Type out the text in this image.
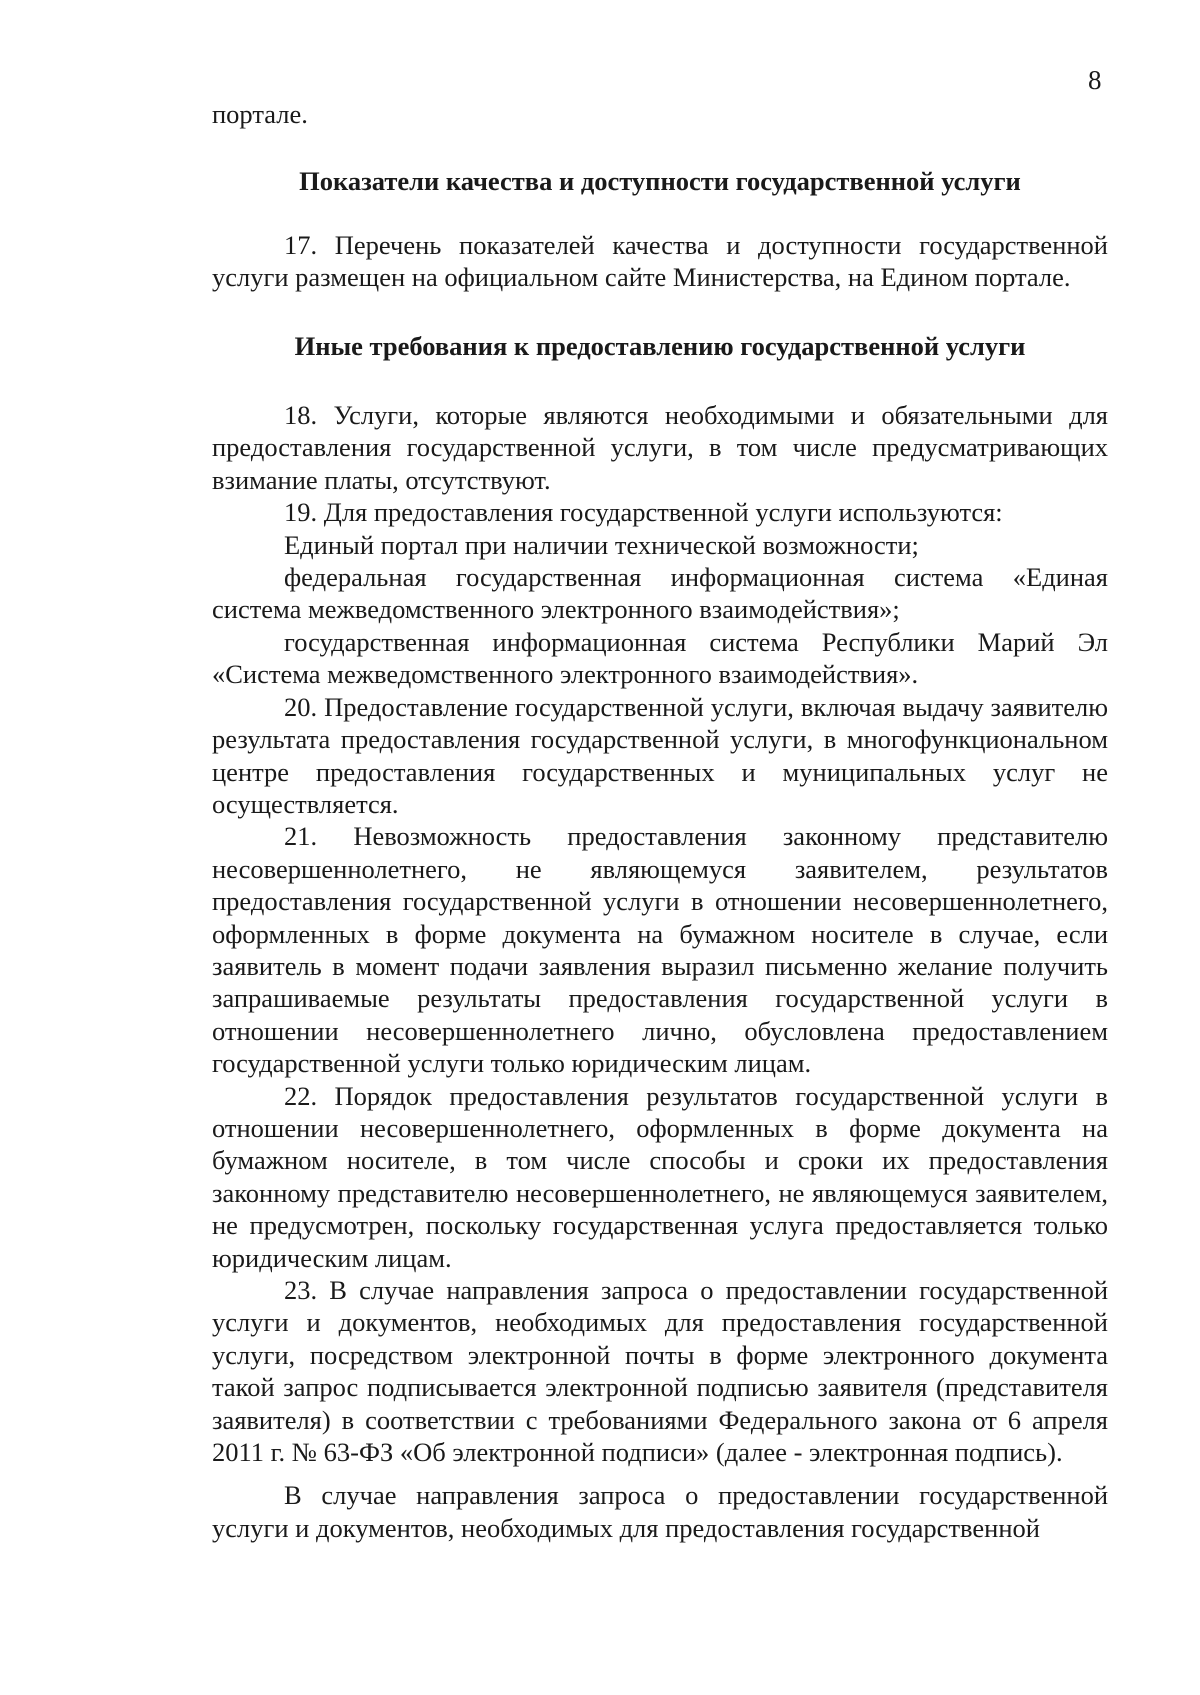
8

порталe.

Показатели качества и доступности государственной услуги

17. Перечень показателей качества и доступности государственной услуги размещен на официальном сайте Министерства, на Едином портале.

Иные требования к предоставлению государственной услуги

18. Услуги, которые являются необходимыми и обязательными для предоставления государственной услуги, в том числе предусматривающих взимание платы, отсутствуют.

19. Для предоставления государственной услуги используются:

Единый портал при наличии технической возможности;

федеральная государственная информационная система «Единая система межведомственного электронного взаимодействия»;

государственная информационная система Республики Марий Эл «Система межведомственного электронного взаимодействия».

20. Предоставление государственной услуги, включая выдачу заявителю результата предоставления государственной услуги, в многофункциональном центре предоставления государственных и муниципальных услуг не осуществляется.

21. Невозможность предоставления законному представителю несовершеннолетнего, не являющемуся заявителем, результатов предоставления государственной услуги в отношении несовершеннолетнего, оформленных в форме документа на бумажном носителе в случае, если заявитель в момент подачи заявления выразил письменно желание получить запрашиваемые результаты предоставления государственной услуги в отношении несовершеннолетнего лично, обусловлена предоставлением государственной услуги только юридическим лицам.

22. Порядок предоставления результатов государственной услуги в отношении несовершеннолетнего, оформленных в форме документа на бумажном носителе, в том числе способы и сроки их предоставления законному представителю несовершеннолетнего, не являющемуся заявителем, не предусмотрен, поскольку государственная услуга предоставляется только юридическим лицам.

23. В случае направления запроса о предоставлении государственной услуги и документов, необходимых для предоставления государственной услуги, посредством электронной почты в форме электронного документа такой запрос подписывается электронной подписью заявителя (представителя заявителя) в соответствии с требованиями Федерального закона от 6 апреля 2011 г. № 63-ФЗ «Об электронной подписи» (далее - электронная подпись).

В случае направления запроса о предоставлении государственной услуги и документов, необходимых для предоставления государственной
